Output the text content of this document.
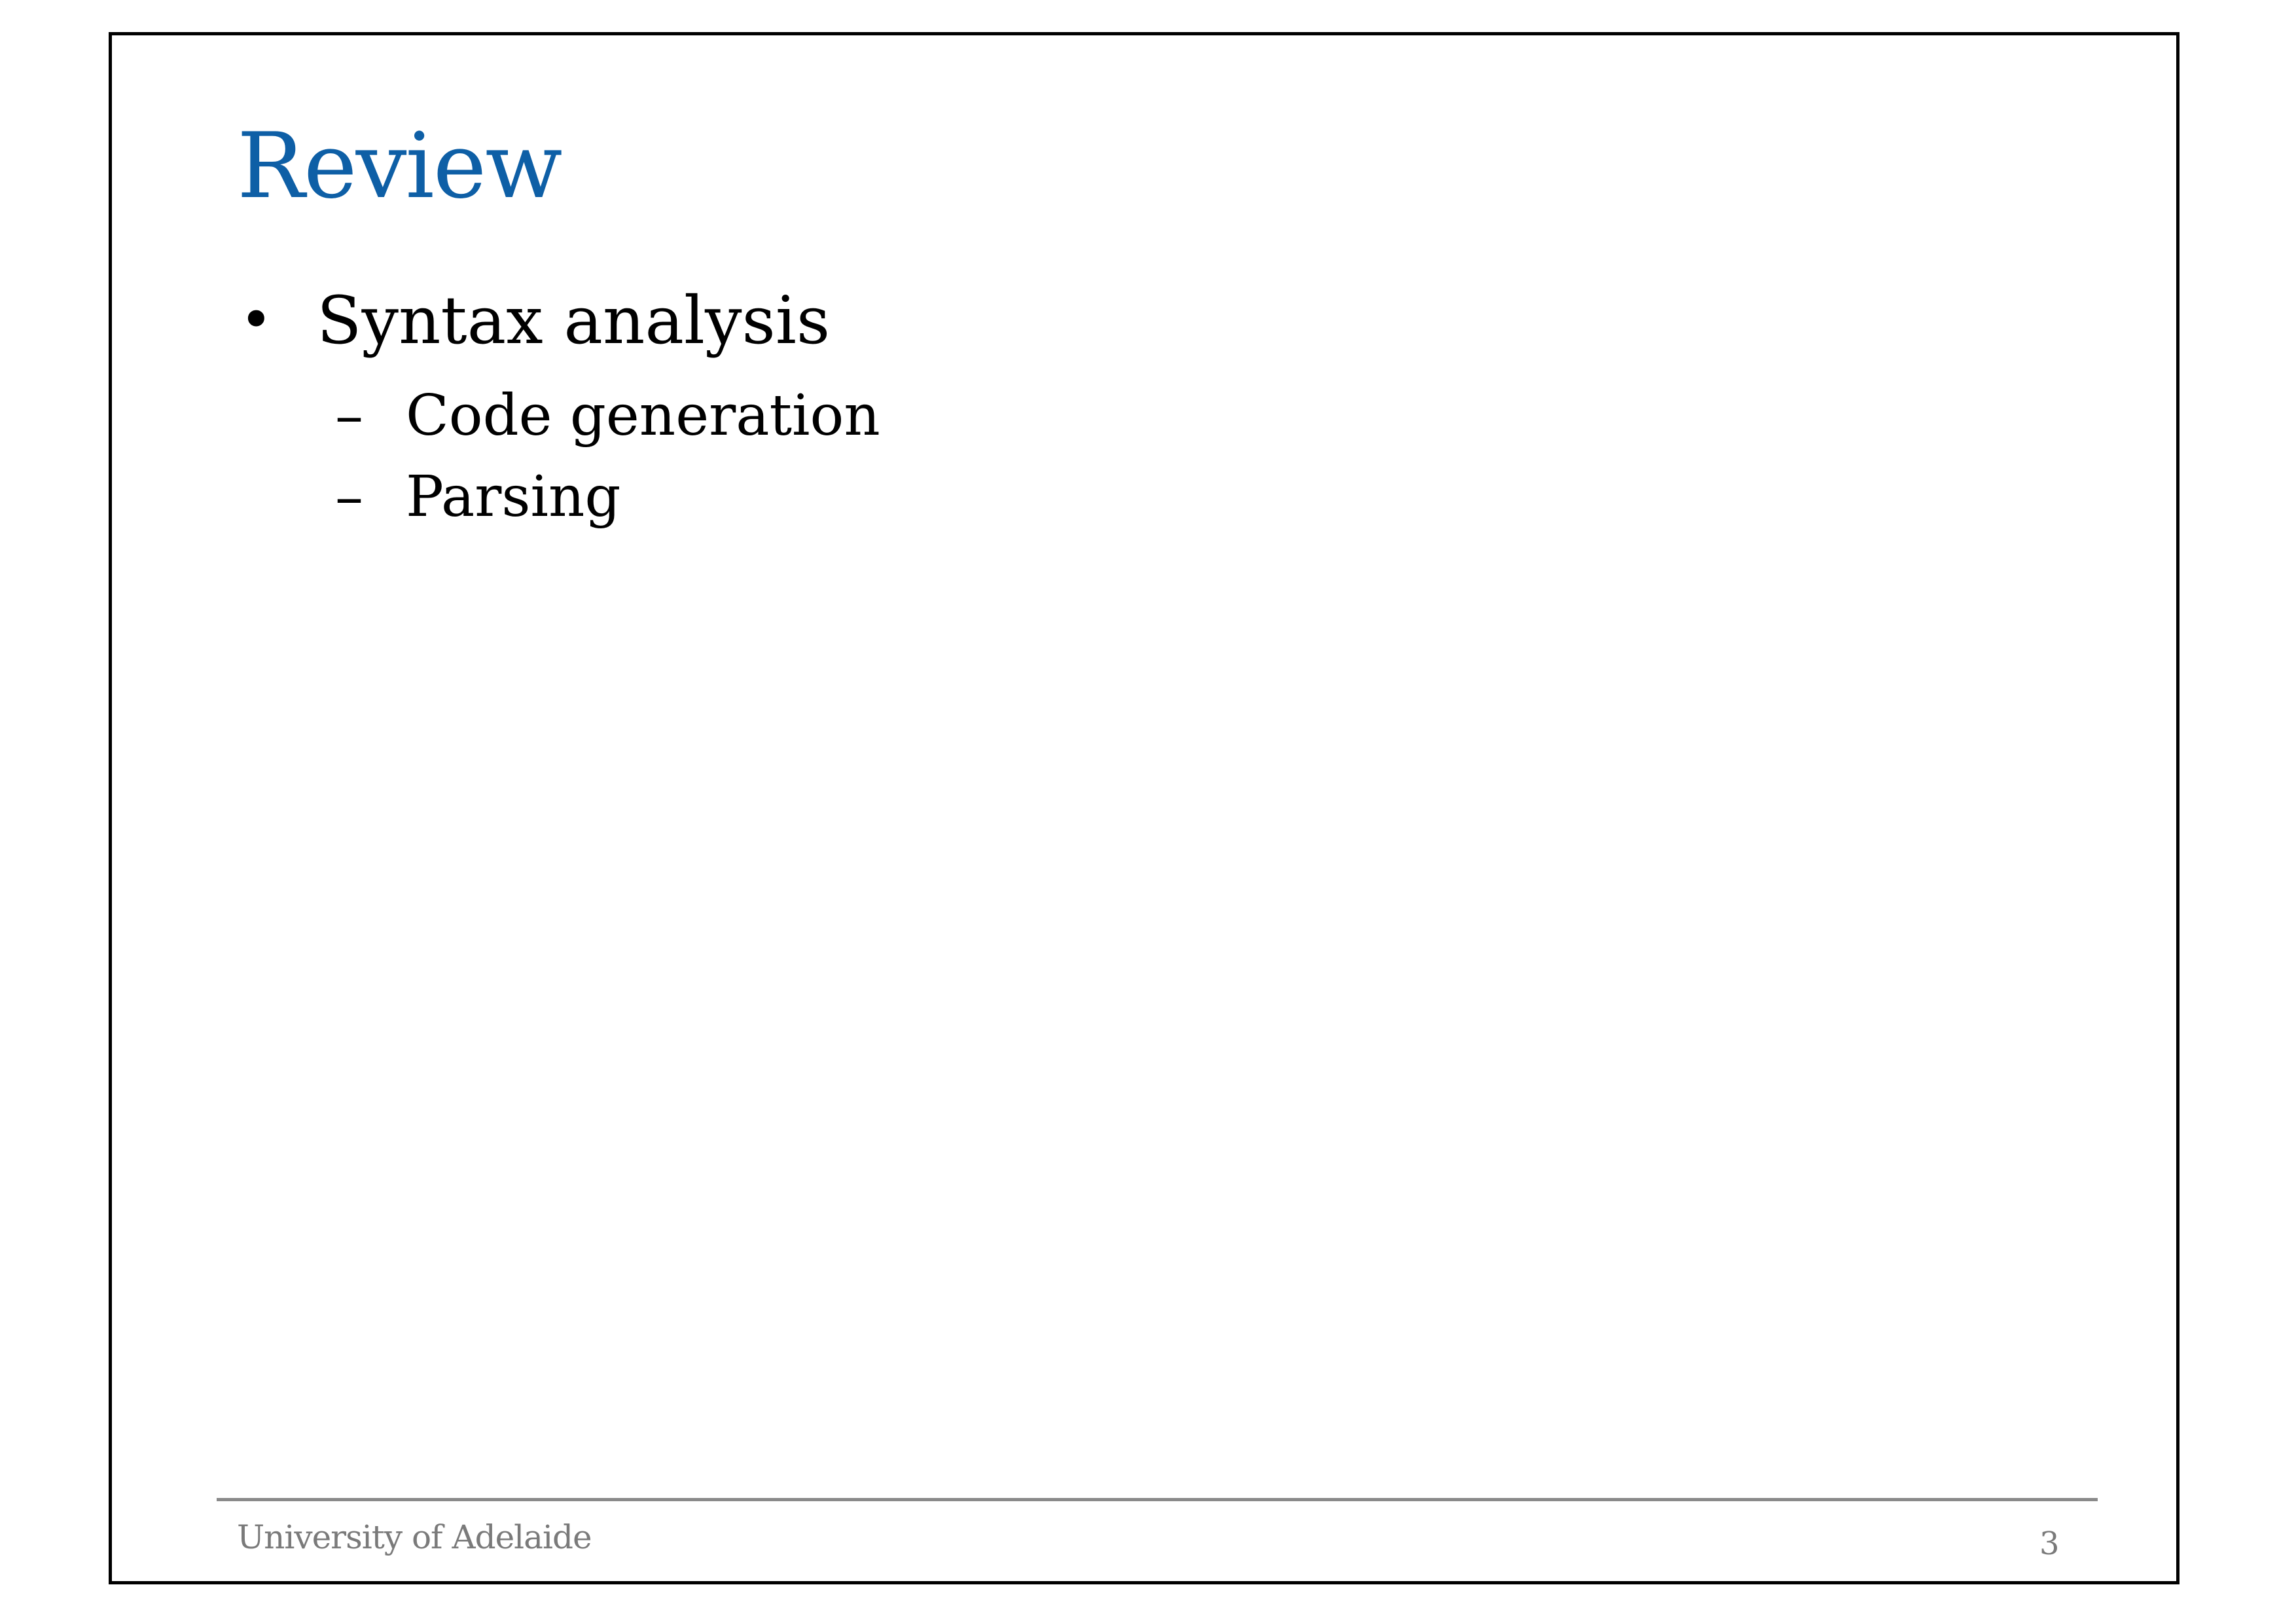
Review
• Syntax analysis
– Code generation
– Parsing
University of Adelaide	3
